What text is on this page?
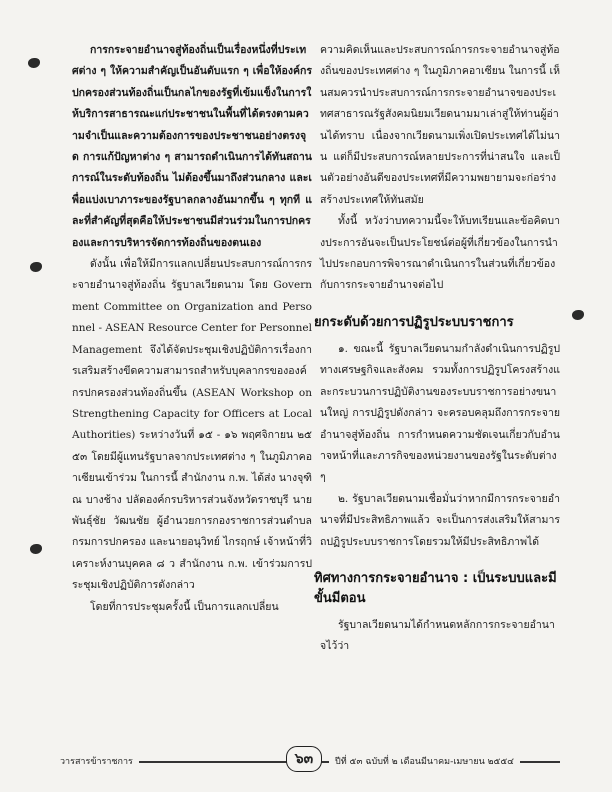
การกระจายอำนาจสู่ท้องถิ่นเป็นเรื่องหนึ่งที่ประเทศต่าง ๆ ให้ความสำคัญเป็นอันดับแรก ๆ เพื่อให้องค์กรปกครองส่วนท้องถิ่นเป็นกลไกของรัฐที่เข้มแข็งในการให้บริการสาธารณะแก่ประชาชนในพื้นที่ได้ตรงตามความจำเป็นและความต้องการของประชาชนอย่างตรงจุด การแก้ปัญหาต่าง ๆ สามารถดำเนินการได้ทันสถานการณ์ในระดับท้องถิ่น ไม่ต้องขึ้นมาถึงส่วนกลาง และเพื่อแบ่งเบาภาระของรัฐบาลกลางอันมากขึ้น ๆ ทุกที และที่สำคัญที่สุดคือให้ประชาชนมีส่วนร่วมในการปกครองและการบริหารจัดการท้องถิ่นของตนเอง

ดังนั้น เพื่อให้มีการแลกเปลี่ยนประสบการณ์การกระจายอำนาจสู่ท้องถิ่น รัฐบาลเวียดนาม โดย Government Committee on Organization and Personnel - ASEAN Resource Center for Personnel Management จึงได้จัดประชุมเชิงปฏิบัติการเรื่องการเสริมสร้างขีดความสามารถสำหรับบุคลากรขององค์กรปกครองส่วนท้องถิ่นขึ้น (ASEAN Workshop on Strengthening Capacity for Officers at Local Authorities) ระหว่างวันที่ ๑๕ - ๑๖ พฤศจิกายน ๒๕๕๓ โดยมีผู้แทนรัฐบาลจากประเทศต่าง ๆ ในภูมิภาคอาเซียนเข้าร่วม ในการนี้ สำนักงาน ก.พ. ได้ส่ง นางจุฑิณ บางช้าง ปลัดองค์กรบริหารส่วนจังหวัดราชบุรี นายพันธุ์ชัย วัฒนชัย ผู้อำนวยการกองราชการส่วนตำบล กรมการปกครอง และนายอนุวิทย์ ไกรฤกษ์ เจ้าหน้าที่วิเคราะห์งานบุคคล ๘ ว สำนักงาน ก.พ. เข้าร่วมการประชุมเชิงปฏิบัติการดังกล่าว

โดยที่การประชุมครั้งนี้ เป็นการแลกเปลี่ยน

ความคิดเห็นและประสบการณ์การกระจายอำนาจสู่ท้องถิ่นของประเทศต่าง ๆ ในภูมิภาคอาเซียน ในการนี้ เห็นสมควรนำประสบการณ์การกระจายอำนาจของประเทศสาธารณรัฐสังคมนิยมเวียดนามมาเล่าสู่ให้ท่านผู้อ่านได้ทราบ เนื่องจากเวียดนามเพิ่งเปิดประเทศได้ไม่นาน แต่ก็มีประสบการณ์หลายประการที่น่าสนใจ และเป็นตัวอย่างอันดีของประเทศที่มีความพยายามจะก่อร่างสร้างประเทศให้ทันสมัย

ทั้งนี้ หวังว่าบทความนี้จะให้บทเรียนและข้อคิดบางประการอันจะเป็นประโยชน์ต่อผู้ที่เกี่ยวข้องในการนำไปประกอบการพิจารณาดำเนินการในส่วนที่เกี่ยวข้องกับการกระจายอำนาจต่อไป

ยกระดับด้วยการปฏิรูประบบราชการ

๑. ขณะนี้ รัฐบาลเวียดนามกำลังดำเนินการปฏิรูปทางเศรษฐกิจและสังคม รวมทั้งการปฏิรูปโครงสร้างและกระบวนการปฏิบัติงานของระบบราชการอย่างขนานใหญ่ การปฏิรูปดังกล่าว จะครอบคลุมถึงการกระจายอำนาจสู่ท้องถิ่น การกำหนดความชัดเจนเกี่ยวกับอำนาจหน้าที่และภารกิจของหน่วยงานของรัฐในระดับต่าง ๆ

๒. รัฐบาลเวียดนามเชื่อมั่นว่าหากมีการกระจายอำนาจที่มีประสิทธิภาพแล้ว จะเป็นการส่งเสริมให้สามารถปฏิรูประบบราชการโดยรวมให้มีประสิทธิภาพได้

ทิศทางการกระจายอำนาจ : เป็นระบบและมีขั้นมีตอน

รัฐบาลเวียดนามได้กำหนดหลักการกระจายอำนาจไว้ว่า

วารสารข้าราชการ	๖๓	ปีที่ ๕๓ ฉบับที่ ๒ เดือนมีนาคม-เมษายน ๒๕๕๔
